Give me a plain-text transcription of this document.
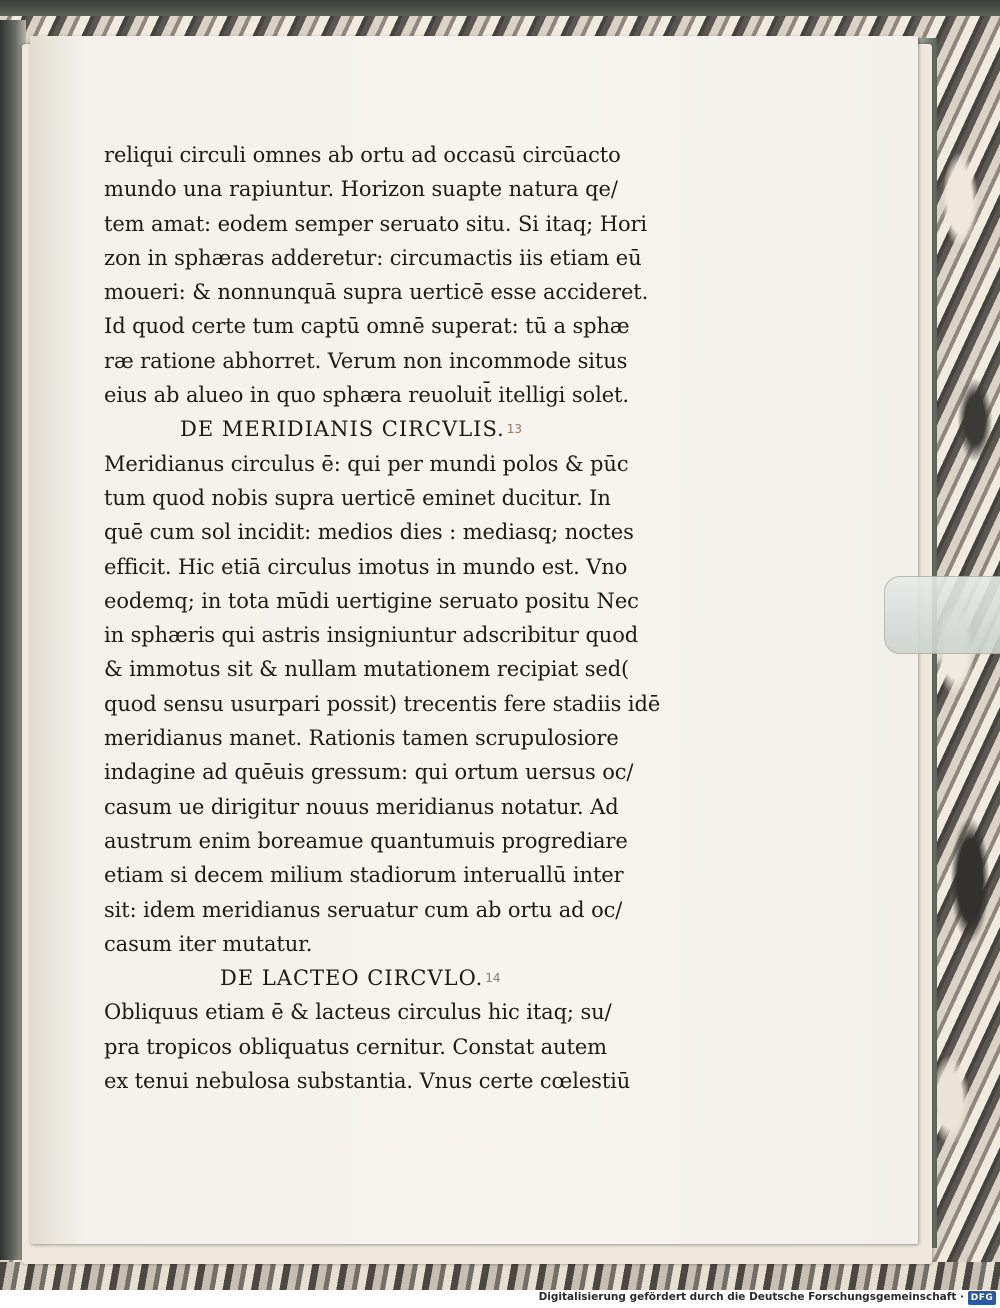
reliqui circuli omnes ab ortu ad occasū circūacto
mundo una rapiuntur. Horizon suapte natura qe/
tem amat: eodem semper seruato situ. Si itaq; Hori
zon in sphæras adderetur: circumactis iis etiam eū
moueri: & nonnunquā supra uerticē esse accideret.
Id quod certe tum captū omnē superat: tū a sphæ
ræ ratione abhorret. Verum non incommode situs
eius ab alueo in quo sphæra reuoluit̄ itelligi solet.
DE MERIDIANIS CIRCVLIS. $^{13}$
Meridianus circulus ē: qui per mundi polos & pūc
tum quod nobis supra uerticē eminet ducitur. In
quē cum sol incidit: medios dies : mediasq; noctes
efficit. Hic etiā circulus imotus in mundo est. Vno
eodemq; in tota mūdi uertigine seruato positu Nec
in sphæris qui astris insigniuntur adscribitur quod
& immotus sit & nullam mutationem recipiat sed(
quod sensu usurpari possit) trecentis fere stadiis idē
meridianus manet. Rationis tamen scrupulosiore
indagine ad quēuis gressum: qui ortum uersus oc/
casum ue dirigitur nouus meridianus notatur. Ad
austrum enim boreamue quantumuis progrediare
etiam si decem milium stadiorum interuallū inter
sit: idem meridianus seruatur cum ab ortu ad oc/
casum iter mutatur.
DE LACTEO CIRCVLO. $^{14}$
Obliquus etiam ē & lacteus circulus hic itaq; su/
pra tropicos obliquatus cernitur. Constat autem
ex tenui nebulosa substantia. Vnus certe cœlestiū
Digitalisierung gefördert durch die Deutsche Forschungsgemeinschaft · DFG
